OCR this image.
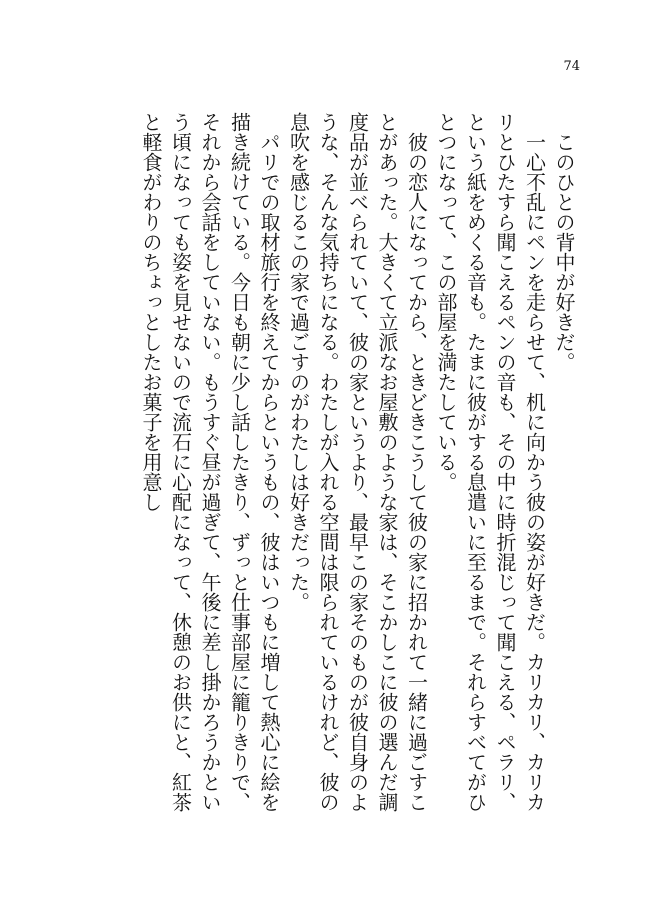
74

このひとの背中が好きだ。

一心不乱にペンを走らせて、机に向かう彼の姿が好きだ。カリカリ、カリカリとひたすら聞こえるペンの音も、その中に時折混じって聞こえる、ペラリ、という紙をめくる音も。たまに彼がする息遣いに至るまで。それらすべてがひとつになって、この部屋を満たしている。

彼の恋人になってから、ときどきこうして彼の家に招かれて一緒に過ごすことがあった。大きくて立派なお屋敷のような家は、そこかしこに彼の選んだ調度品が並べられていて、彼の家というより、最早この家そのものが彼自身のような、そんな気持ちになる。わたしが入れる空間は限られているけれど、彼の息吹を感じるこの家で過ごすのがわたしは好きだった。

パリでの取材旅行を終えてからというもの、彼はいつもに増して熱心に絵を描き続けている。今日も朝に少し話したきり、ずっと仕事部屋に籠りきりで、それから会話をしていない。もうすぐ昼が過ぎて、午後に差し掛かろうかという頃になっても姿を見せないので流石に心配になって、休憩のお供にと、紅茶と軽食がわりのちょっとしたお菓子を用意し
